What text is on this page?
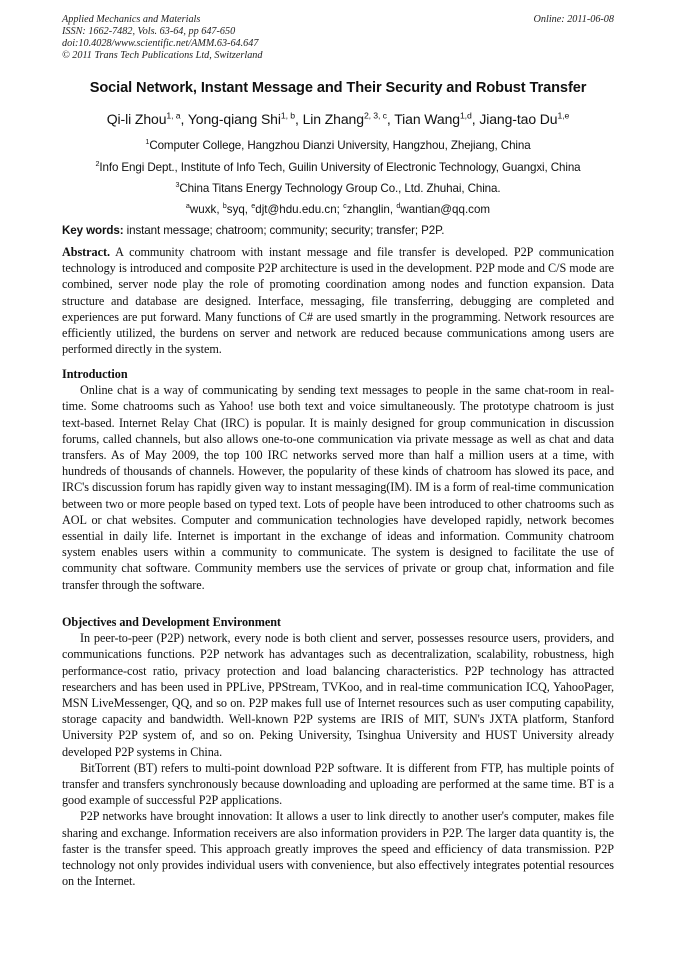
Applied Mechanics and Materials
ISSN: 1662-7482, Vols. 63-64, pp 647-650
doi:10.4028/www.scientific.net/AMM.63-64.647
© 2011 Trans Tech Publications Ltd, Switzerland
Online: 2011-06-08
Social Network, Instant Message and Their Security and Robust Transfer
Qi-li Zhou$^{1, a}$, Yong-qiang Shi$^{1, b}$, Lin Zhang$^{2, 3, c}$, Tian Wang$^{1,d}$, Jiang-tao Du$^{1,e}$
$^1$Computer College, Hangzhou Dianzi University, Hangzhou, Zhejiang, China
$^2$Info Engi Dept., Institute of Info Tech, Guilin University of Electronic Technology, Guangxi, China
$^3$China Titans Energy Technology Group Co., Ltd. Zhuhai, China.
$^a$wuxk, $^b$syq, $^e$djt@hdu.edu.cn; $^c$zhanglin, $^d$wantian@qq.com
Key words: instant message; chatroom; community; security; transfer; P2P.

Abstract. A community chatroom with instant message and file transfer is developed. P2P communication technology is introduced and composite P2P architecture is used in the development. P2P mode and C/S mode are combined, server node play the role of promoting coordination among nodes and function expansion. Data structure and database are designed. Interface, messaging, file transferring, debugging are completed and experiences are put forward. Many functions of C# are used smartly in the programming. Network resources are efficiently utilized, the burdens on server and network are reduced because communications among users are performed directly in the system.

Introduction

Online chat is a way of communicating by sending text messages to people in the same chat-room in real-time. Some chatrooms such as Yahoo! use both text and voice simultaneously. The prototype chatroom is just text-based. Internet Relay Chat (IRC) is popular. It is mainly designed for group communication in discussion forums, called channels, but also allows one-to-one communication via private message as well as chat and data transfers. As of May 2009, the top 100 IRC networks served more than half a million users at a time, with hundreds of thousands of channels. However, the popularity of these kinds of chatroom has slowed its pace, and IRC's discussion forum has rapidly given way to instant messaging(IM). IM is a form of real-time communication between two or more people based on typed text. Lots of people have been introduced to other chatrooms such as AOL or chat websites. Computer and communication technologies have developed rapidly, network becomes essential in daily life. Internet is important in the exchange of ideas and information. Community chatroom system enables users within a community to communicate. The system is designed to facilitate the use of community chat software. Community members use the services of private or group chat, information and file transfer through the software.

Objectives and Development Environment

In peer-to-peer (P2P) network, every node is both client and server, possesses resource users, providers, and communications functions. P2P network has advantages such as decentralization, scalability, robustness, high performance-cost ratio, privacy protection and load balancing characteristics. P2P technology has attracted researchers and has been used in PPLive, PPStream, TVKoo, and in real-time communication ICQ, YahooPager, MSN LiveMessenger, QQ, and so on. P2P makes full use of Internet resources such as user computing capability, storage capacity and bandwidth. Well-known P2P systems are IRIS of MIT, SUN's JXTA platform, Stanford University P2P system of, and so on. Peking University, Tsinghua University and HUST University already developed P2P systems in China.

BitTorrent (BT) refers to multi-point download P2P software. It is different from FTP, has multiple points of transfer and transfers synchronously because downloading and uploading are performed at the same time. BT is a good example of successful P2P applications.

P2P networks have brought innovation: It allows a user to link directly to another user's computer, makes file sharing and exchange. Information receivers are also information providers in P2P. The larger data quantity is, the faster is the transfer speed. This approach greatly improves the speed and efficiency of data transmission. P2P technology not only provides individual users with convenience, but also effectively integrates potential resources on the Internet.
